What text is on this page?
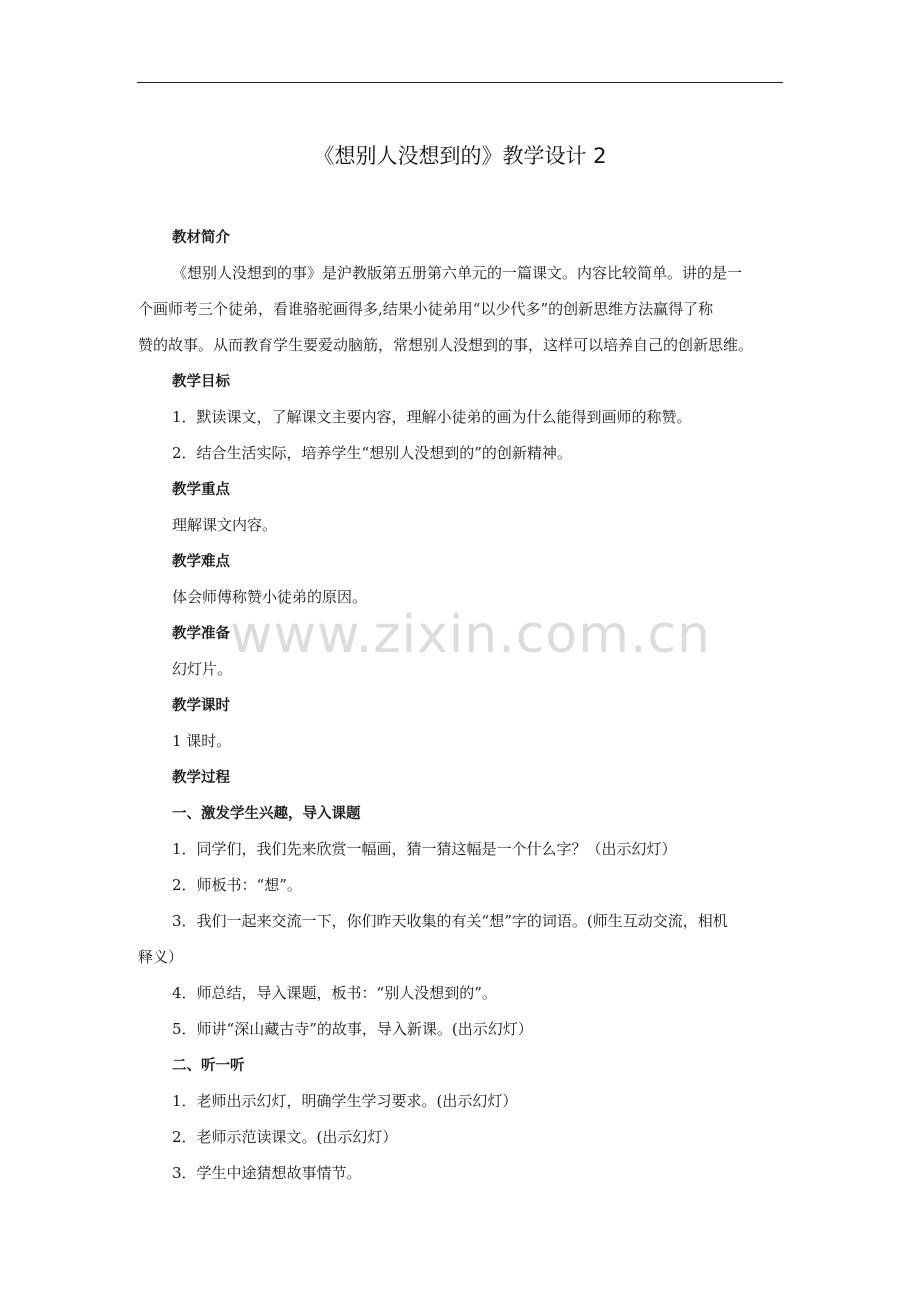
《想别人没想到的》教学设计 2
教材简介
《想别人没想到的事》是沪教版第五册第六单元的一篇课文。内容比较简单。讲的是一
个画师考三个徒弟，看谁骆驼画得多,结果小徒弟用“以少代多”的创新思维方法赢得了称
赞的故事。从而教育学生要爱动脑筋，常想别人没想到的事，这样可以培养自己的创新思维。
教学目标
1．默读课文，了解课文主要内容，理解小徒弟的画为什么能得到画师的称赞。
2．结合生活实际，培养学生“想别人没想到的”的创新精神。
教学重点
理解课文内容。
教学难点
体会师傅称赞小徒弟的原因。
教学准备
幻灯片。
教学课时
1 课时。
教学过程
一、激发学生兴趣，导入课题
1．同学们，我们先来欣赏一幅画，猜一猜这幅是一个什么字？（出示幻灯）
2．师板书：“想”。
3．我们一起来交流一下，你们昨天收集的有关“想”字的词语。(师生互动交流，相机
释义）
4．师总结，导入课题，板书：“别人没想到的”。
5．师讲“深山藏古寺”的故事，导入新课。(出示幻灯）
二、听一听
1．老师出示幻灯，明确学生学习要求。(出示幻灯）
2．老师示范读课文。(出示幻灯）
3．学生中途猜想故事情节。
www.zixin.com.cn
